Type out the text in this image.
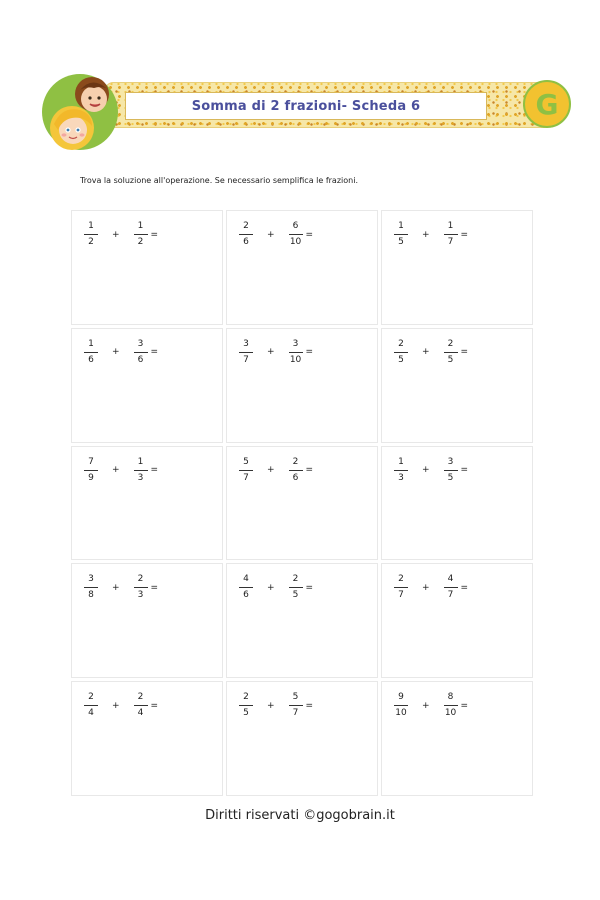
Somma di 2 frazioni- Scheda 6	G
Trova la soluzione all'operazione. Se necessario semplifica le frazioni.
$\frac{1}{2} + \frac{1}{2}$ =	$\frac{2}{6} + \frac{6}{10}$ =	$\frac{1}{5} + \frac{1}{7}$ =
$\frac{1}{6} + \frac{3}{6}$ =	$\frac{3}{7} + \frac{3}{10}$ =	$\frac{2}{5} + \frac{2}{5}$ =
$\frac{7}{9} + \frac{1}{3}$ =	$\frac{5}{7} + \frac{2}{6}$ =	$\frac{1}{3} + \frac{3}{5}$ =
$\frac{3}{8} + \frac{2}{3}$ =	$\frac{4}{6} + \frac{2}{5}$ =	$\frac{2}{7} + \frac{4}{7}$ =
$\frac{2}{4} + \frac{2}{4}$ =	$\frac{2}{5} + \frac{5}{7}$ =	$\frac{9}{10} + \frac{8}{10}$ =
Diritti riservati ©gogobrain.it
